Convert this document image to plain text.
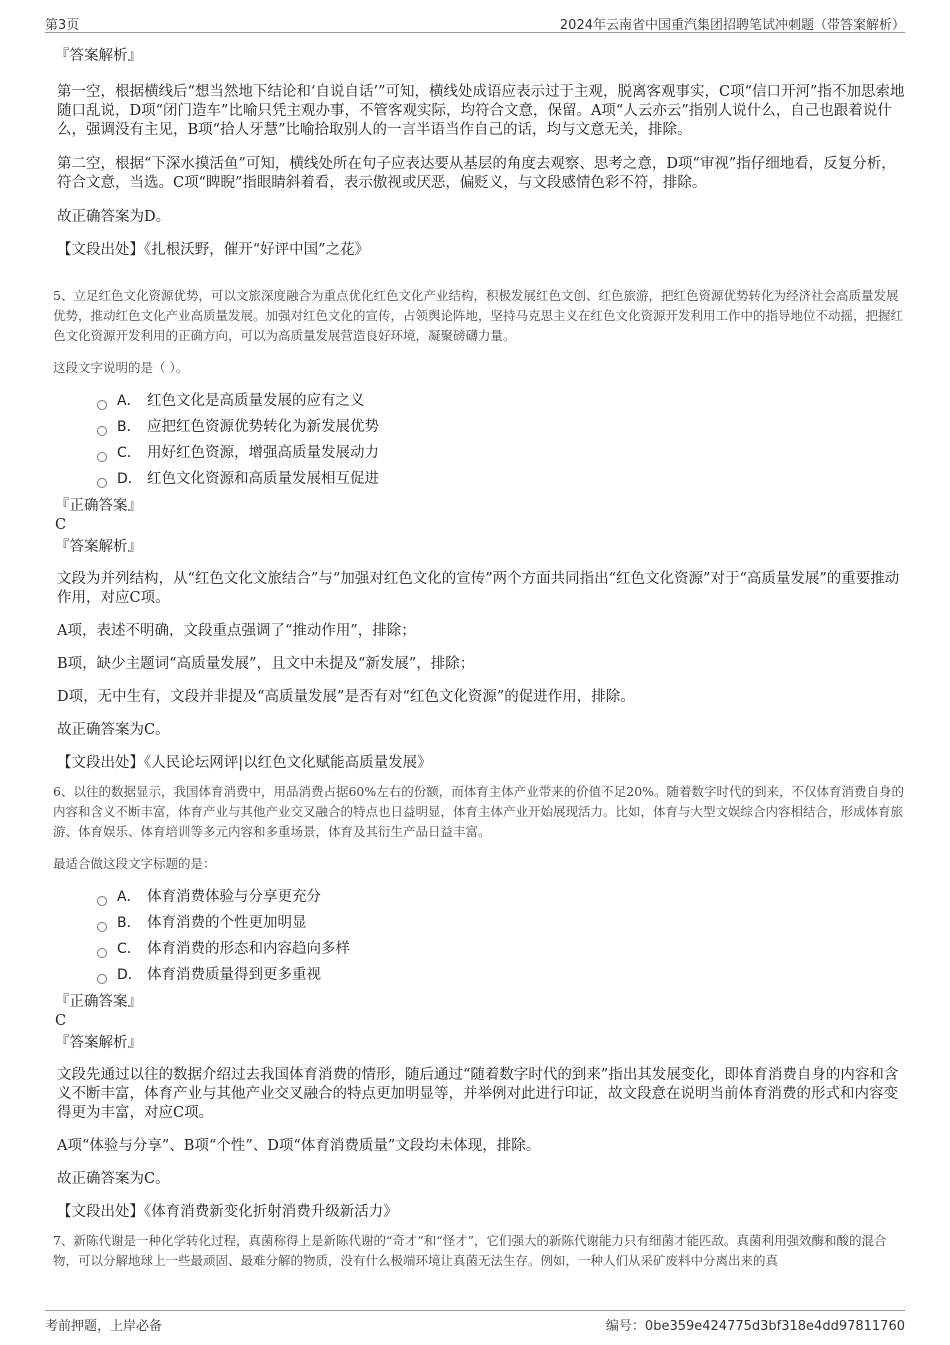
第3页	2024年云南省中国重汽集团招聘笔试冲刺题（带答案解析）
『答案解析』
第一空，根据横线后“想当然地下结论和‘自说自话’”可知，横线处成语应表示过于主观，脱离客观事实，C项“信口开河”指不加思索地随口乱说，D项“闭门造车”比喻只凭主观办事，不管客观实际，均符合文意，保留。A项“人云亦云”指别人说什么，自己也跟着说什么，强调没有主见，B项“拾人牙慧”比喻拾取别人的一言半语当作自己的话，均与文意无关，排除。
第二空，根据“下深水摸活鱼”可知，横线处所在句子应表达要从基层的角度去观察、思考之意，D项“审视”指仔细地看，反复分析，符合文意，当选。C项“睥睨”指眼睛斜着看，表示傲视或厌恶，偏贬义，与文段感情色彩不符，排除。
故正确答案为D。
【文段出处】《扎根沃野，催开“好评中国”之花》
5、立足红色文化资源优势，可以文旅深度融合为重点优化红色文化产业结构，积极发展红色文创、红色旅游，把红色资源优势转化为经济社会高质量发展优势，推动红色文化产业高质量发展。加强对红色文化的宣传，占领舆论阵地，坚持马克思主义在红色文化资源开发利用工作中的指导地位不动摇，把握红色文化资源开发利用的正确方向，可以为高质量发展营造良好环境，凝聚磅礴力量。
这段文字说明的是（ ）。
A． 红色文化是高质量发展的应有之义
B． 应把红色资源优势转化为新发展优势
C． 用好红色资源，增强高质量发展动力
D． 红色文化资源和高质量发展相互促进
『正确答案』
C
『答案解析』
文段为并列结构，从“红色文化文旅结合”与“加强对红色文化的宣传”两个方面共同指出“红色文化资源”对于“高质量发展”的重要推动作用，对应C项。
A项，表述不明确，文段重点强调了“推动作用”，排除；
B项，缺少主题词“高质量发展”，且文中未提及“新发展”，排除；
D项，无中生有，文段并非提及“高质量发展”是否有对“红色文化资源”的促进作用，排除。
故正确答案为C。
【文段出处】《人民论坛网评|以红色文化赋能高质量发展》
6、以往的数据显示，我国体育消费中，用品消费占据60%左右的份额，而体育主体产业带来的价值不足20%。随着数字时代的到来，不仅体育消费自身的内容和含义不断丰富，体育产业与其他产业交叉融合的特点也日益明显，体育主体产业开始展现活力。比如，体育与大型文娱综合内容相结合，形成体育旅游、体育娱乐、体育培训等多元内容和多重场景，体育及其衍生产品日益丰富。
最适合做这段文字标题的是：
A． 体育消费体验与分享更充分
B． 体育消费的个性更加明显
C． 体育消费的形态和内容趋向多样
D． 体育消费质量得到更多重视
『正确答案』
C
『答案解析』
文段先通过以往的数据介绍过去我国体育消费的情形，随后通过“随着数字时代的到来”指出其发展变化，即体育消费自身的内容和含义不断丰富，体育产业与其他产业交叉融合的特点更加明显等，并举例对此进行印证，故文段意在说明当前体育消费的形式和内容变得更为丰富，对应C项。
A项“体验与分享”、B项“个性”、D项“体育消费质量”文段均未体现，排除。
故正确答案为C。
【文段出处】《体育消费新变化折射消费升级新活力》
7、新陈代谢是一种化学转化过程，真菌称得上是新陈代谢的“奇才”和“怪才”，它们强大的新陈代谢能力只有细菌才能匹敌。真菌利用强效酶和酸的混合物，可以分解地球上一些最顽固、最难分解的物质，没有什么极端环境让真菌无法生存。例如，一种人们从采矿废料中分离出来的真
考前押题，上岸必备	编号：0be359e424775d3bf318e4dd97811760
